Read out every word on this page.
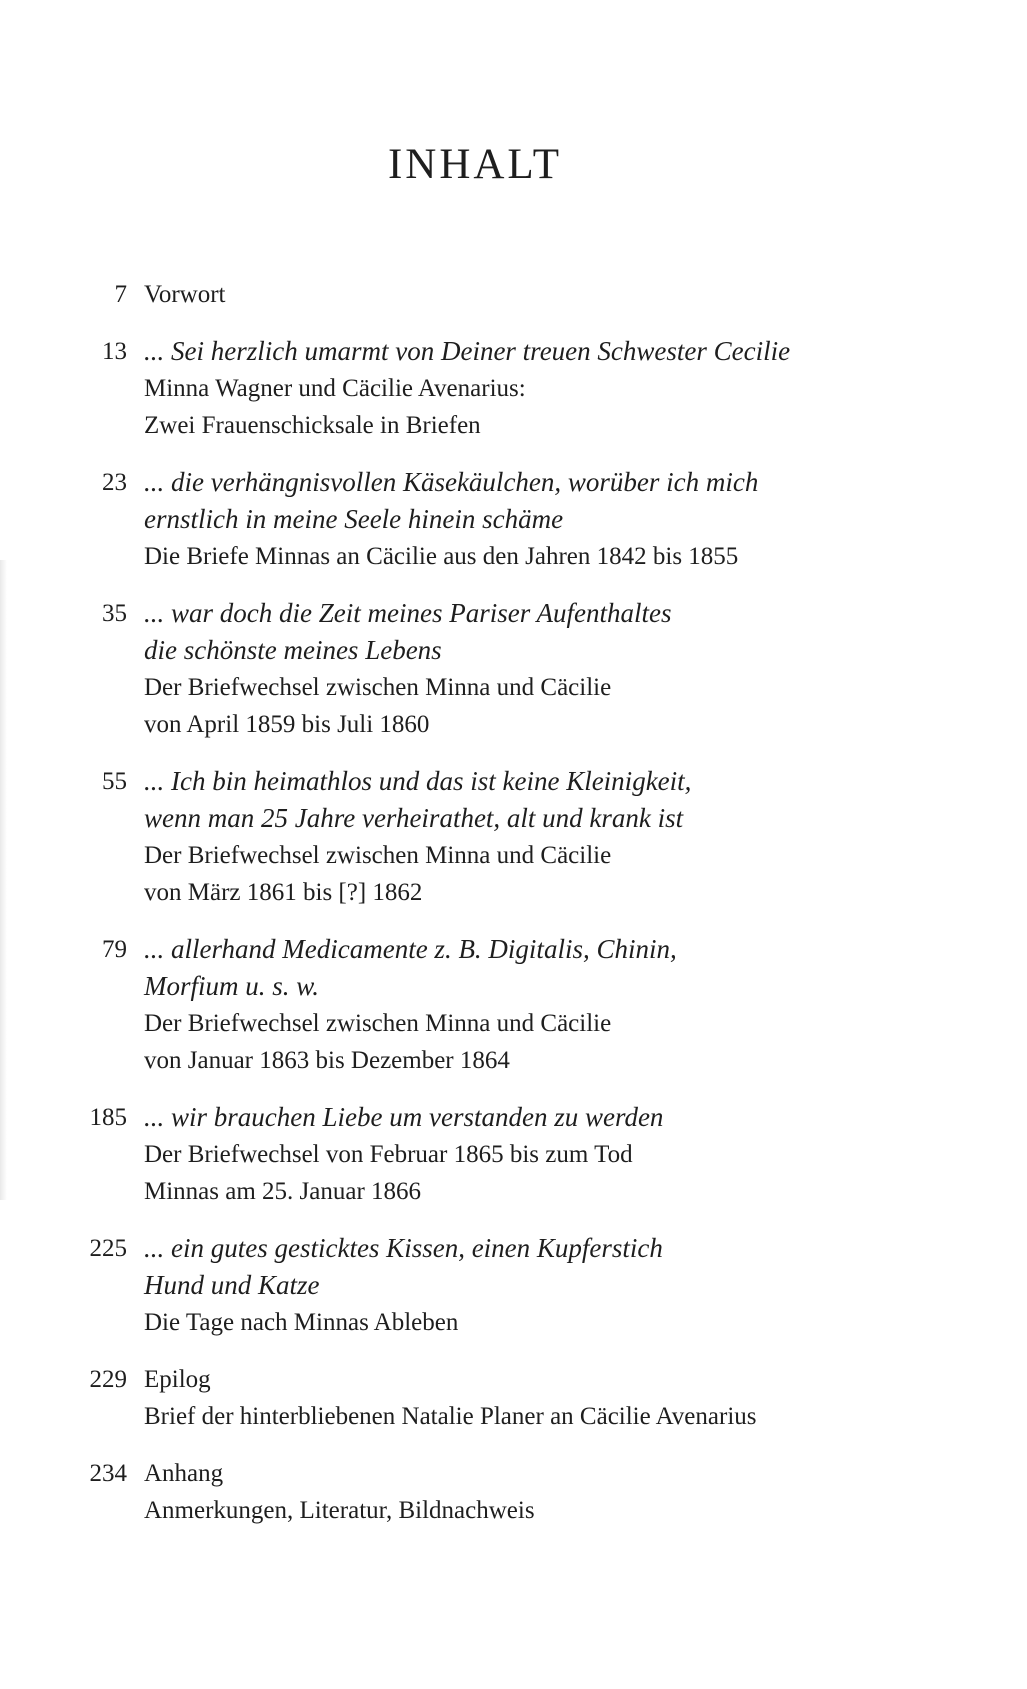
INHALT
7 Vorwort
13 ... Sei herzlich umarmt von Deiner treuen Schwester Cecilie
Minna Wagner und Cäcilie Avenarius:
Zwei Frauenschicksale in Briefen
23 ... die verhängnisvollen Käsekäulchen, worüber ich mich
ernstlich in meine Seele hinein schäme
Die Briefe Minnas an Cäcilie aus den Jahren 1842 bis 1855
35 ... war doch die Zeit meines Pariser Aufenthaltes
die schönste meines Lebens
Der Briefwechsel zwischen Minna und Cäcilie
von April 1859 bis Juli 1860
55 ... Ich bin heimathlos und das ist keine Kleinigkeit,
wenn man 25 Jahre verheirathet, alt und krank ist
Der Briefwechsel zwischen Minna und Cäcilie
von März 1861 bis [?] 1862
79 ... allerhand Medicamente z. B. Digitalis, Chinin,
Morfium u. s. w.
Der Briefwechsel zwischen Minna und Cäcilie
von Januar 1863 bis Dezember 1864
185 ... wir brauchen Liebe um verstanden zu werden
Der Briefwechsel von Februar 1865 bis zum Tod
Minnas am 25. Januar 1866
225 ... ein gutes gesticktes Kissen, einen Kupferstich
Hund und Katze
Die Tage nach Minnas Ableben
229 Epilog
Brief der hinterbliebenen Natalie Planer an Cäcilie Avenarius
234 Anhang
Anmerkungen, Literatur, Bildnachweis
